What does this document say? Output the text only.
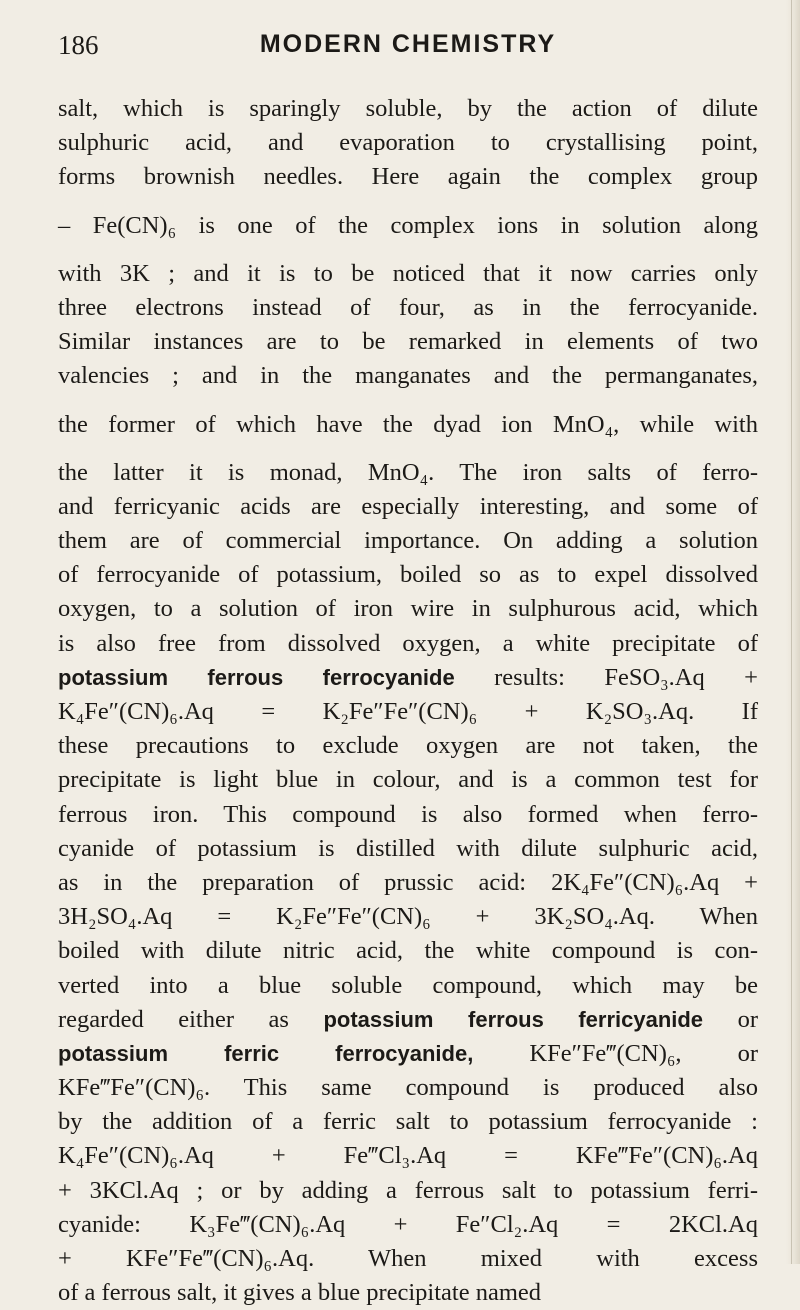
186	MODERN CHEMISTRY
salt, which is sparingly soluble, by the action of dilute
sulphuric acid, and evaporation to crystallising point,
forms brownish needles. Here again the complex group
– Fe(CN)₆ is one of the complex ions in solution along
with 3K ; and it is to be noticed that it now carries only
three electrons instead of four, as in the ferrocyanide.
Similar instances are to be remarked in elements of two
valencies ; and in the manganates and the permanganates,
the former of which have the dyad ion MnO₄, while with
the latter it is monad, MnO₄. The iron salts of ferro-
and ferricyanic acids are especially interesting, and some of
them are of commercial importance. On adding a solution
of ferrocyanide of potassium, boiled so as to expel dissolved
oxygen, to a solution of iron wire in sulphurous acid, which
is also free from dissolved oxygen, a white precipitate of
potassium ferrous ferrocyanide results: FeSO₃.Aq +
K₄Fe″(CN)₆.Aq = K₂Fe″Fe″(CN)₆ + K₂SO₃.Aq. If
these precautions to exclude oxygen are not taken, the
precipitate is light blue in colour, and is a common test for
ferrous iron. This compound is also formed when ferro-
cyanide of potassium is distilled with dilute sulphuric acid,
as in the preparation of prussic acid: 2K₄Fe″(CN)₆.Aq +
3H₂SO₄.Aq = K₂Fe″Fe″(CN)₆ + 3K₂SO₄.Aq. When
boiled with dilute nitric acid, the white compound is con-
verted into a blue soluble compound, which may be
regarded either as potassium ferrous ferricyanide or
potassium ferric ferrocyanide, KFe″Fe‴(CN)₆, or
KFe‴Fe″(CN)₆. This same compound is produced also
by the addition of a ferric salt to potassium ferrocyanide :
K₄Fe″(CN)₆.Aq + Fe‴Cl₃.Aq = KFe‴Fe″(CN)₆.Aq
+ 3KCl.Aq ; or by adding a ferrous salt to potassium ferri-
cyanide: K₃Fe‴(CN)₆.Aq + Fe″Cl₂.Aq = 2KCl.Aq
+ KFe″Fe‴(CN)₆.Aq. When mixed with excess
of a ferrous salt, it gives a blue precipitate named
